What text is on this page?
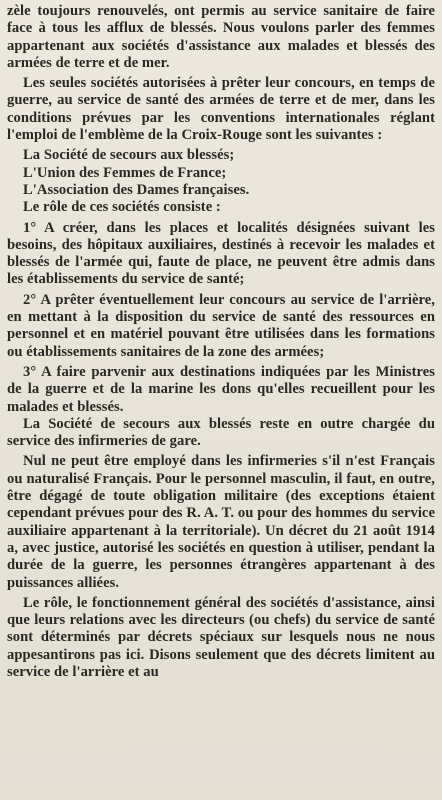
zèle toujours renouvelés, ont permis au service sanitaire de faire face à tous les afflux de blessés. Nous voulons parler des femmes appartenant aux sociétés d'assistance aux malades et blessés des armées de terre et de mer.

Les seules sociétés autorisées à prêter leur concours, en temps de guerre, au service de santé des armées de terre et de mer, dans les conditions prévues par les conventions internationales réglant l'emploi de l'emblème de la Croix-Rouge sont les suivantes :

La Société de secours aux blessés;

L'Union des Femmes de France;

L'Association des Dames françaises.

Le rôle de ces sociétés consiste :

1° A créer, dans les places et localités désignées suivant les besoins, des hôpitaux auxiliaires, destinés à recevoir les malades et blessés de l'armée qui, faute de place, ne peuvent être admis dans les établissements du service de santé;

2° A prêter éventuellement leur concours au service de l'arrière, en mettant à la disposition du service de santé des ressources en personnel et en matériel pouvant être utilisées dans les formations ou établissements sanitaires de la zone des armées;

3° A faire parvenir aux destinations indiquées par les Ministres de la guerre et de la marine les dons qu'elles recueillent pour les malades et blessés.

La Société de secours aux blessés reste en outre chargée du service des infirmeries de gare.

Nul ne peut être employé dans les infirmeries s'il n'est Français ou naturalisé Français. Pour le personnel masculin, il faut, en outre, être dégagé de toute obligation militaire (des exceptions étaient cependant prévues pour des R. A. T. ou pour des hommes du service auxiliaire appartenant à la territoriale). Un décret du 21 août 1914 a, avec justice, autorisé les sociétés en question à utiliser, pendant la durée de la guerre, les personnes étrangères appartenant à des puissances alliées.

Le rôle, le fonctionnement général des sociétés d'assistance, ainsi que leurs relations avec les directeurs (ou chefs) du service de santé sont déterminés par décrets spéciaux sur lesquels nous ne nous appesantirons pas ici. Disons seulement que des décrets limitent au service de l'arrière et au
